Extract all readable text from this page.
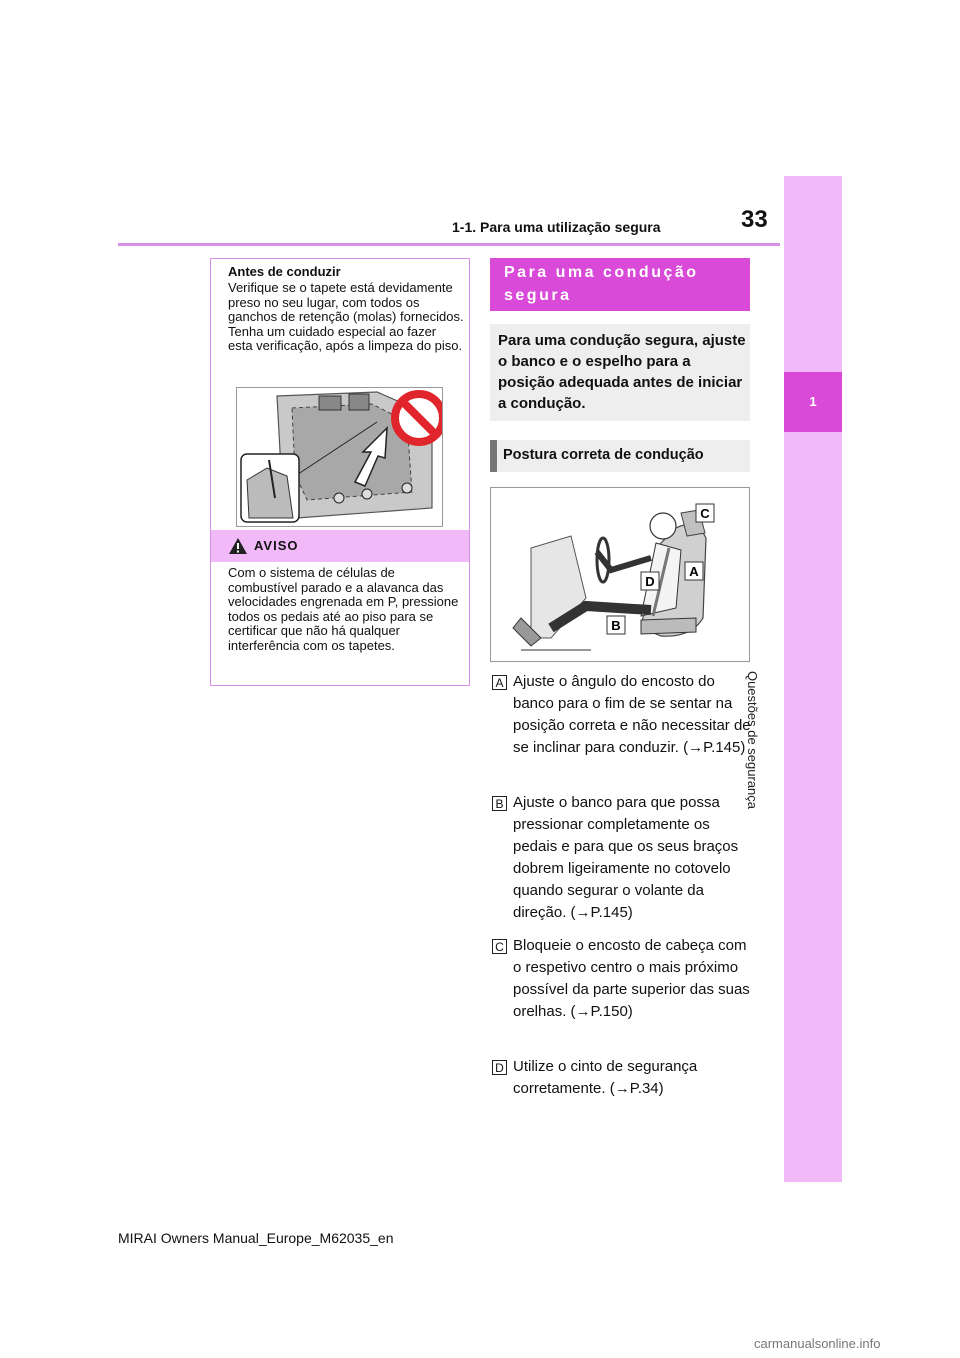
33
1-1. Para uma utilização segura
1
Questões de segurança
Antes de conduzir
Verifique se o tapete está devidamente preso no seu lugar, com todos os ganchos de retenção (molas) fornecidos. Tenha um cuidado especial ao fazer esta verificação, após a limpeza do piso.
AVISO
Com o sistema de células de combustível parado e a alavanca das velocidades engrenada em P, pressione todos os pedais até ao piso para se certificar que não há qualquer interferência com os tapetes.
Para uma condução segura
Para uma condução segura, ajuste o banco e o espelho para a posição adequada antes de iniciar a condução.
Postura correta de condução
C
A
D
B
A Ajuste o ângulo do encosto do banco para o fim de se sentar na posição correta e não necessitar de se inclinar para conduzir. (→P.145)
B Ajuste o banco para que possa pressionar completamente os pedais e para que os seus braços dobrem ligeiramente no cotovelo quando segurar o volante da direção. (→P.145)
C Bloqueie o encosto de cabeça com o respetivo centro o mais próximo possível da parte superior das suas orelhas. (→P.150)
D Utilize o cinto de segurança corretamente. (→P.34)
MIRAI Owners Manual_Europe_M62035_en
carmanualsonline.info
